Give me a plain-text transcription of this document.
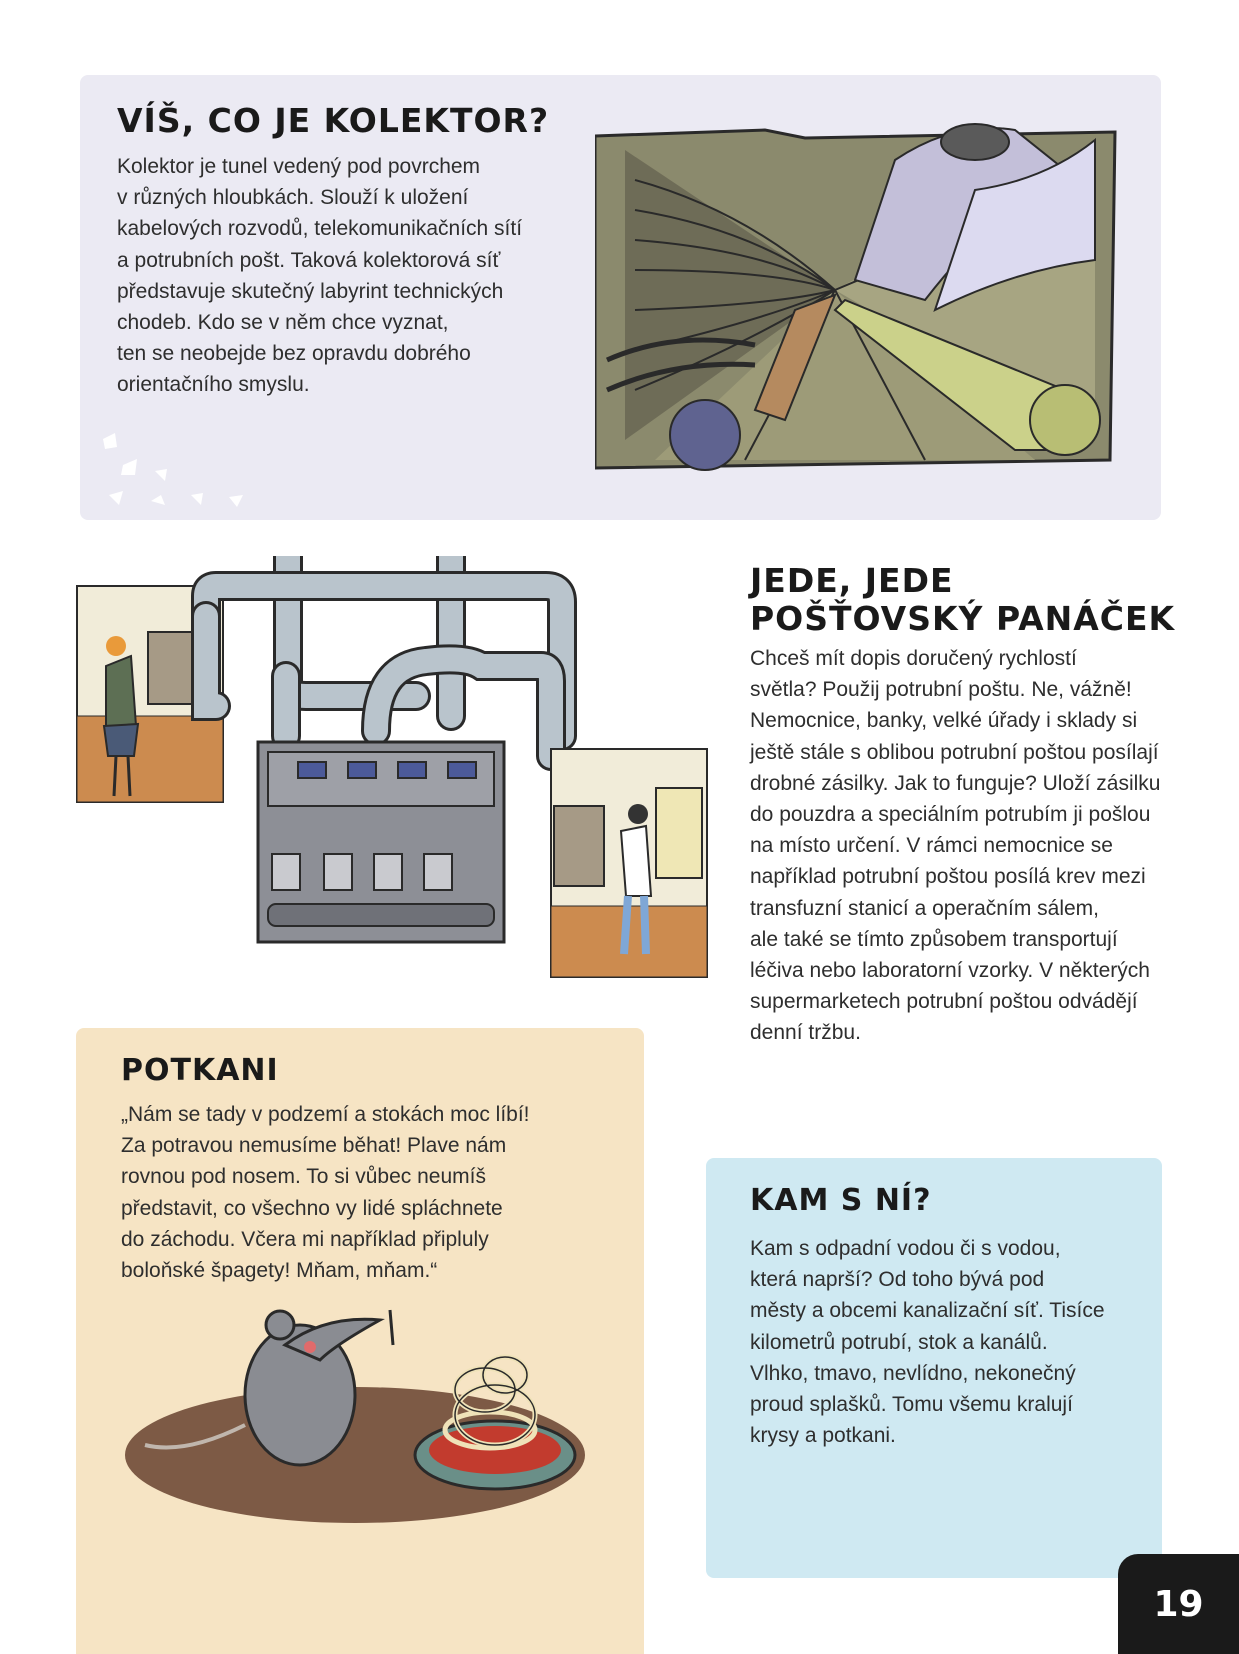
VÍŠ, CO JE KOLEKTOR?
Kolektor je tunel vedený pod povrchem
v různých hloubkách. Slouží k uložení
kabelových rozvodů, telekomunikačních sítí
a potrubních pošt. Taková kolektorová síť
představuje skutečný labyrint technických
chodeb. Kdo se v něm chce vyznat,
ten se neobejde bez opravdu dobrého
orientačního smyslu.
JEDE, JEDE
POŠŤOVSKÝ PANÁČEK
Chceš mít dopis doručený rychlostí
světla? Použij potrubní poštu. Ne, vážně!
Nemocnice, banky, velké úřady i sklady si
ještě stále s oblibou potrubní poštou posílají
drobné zásilky. Jak to funguje? Uloží zásilku
do pouzdra a speciálním potrubím ji pošlou
na místo určení. V rámci nemocnice se
například potrubní poštou posílá krev mezi
transfuzní stanicí a operačním sálem,
ale také se tímto způsobem transportují
léčiva nebo laboratorní vzorky. V některých
supermarketech potrubní poštou odvádějí
denní tržbu.
POTKANI
„Nám se tady v podzemí a stokách moc líbí!
Za potravou nemusíme běhat! Plave nám
rovnou pod nosem. To si vůbec neumíš
představit, co všechno vy lidé spláchnete
do záchodu. Včera mi například připluly
boloňské špagety! Mňam, mňam.“
KAM S NÍ?
Kam s odpadní vodou či s vodou,
která naprší? Od toho bývá pod
městy a obcemi kanalizační síť. Tisíce
kilometrů potrubí, stok a kanálů.
Vlhko, tmavo, nevlídno, nekonečný
proud splašků. Tomu všemu kralují
krysy a potkani.
19
